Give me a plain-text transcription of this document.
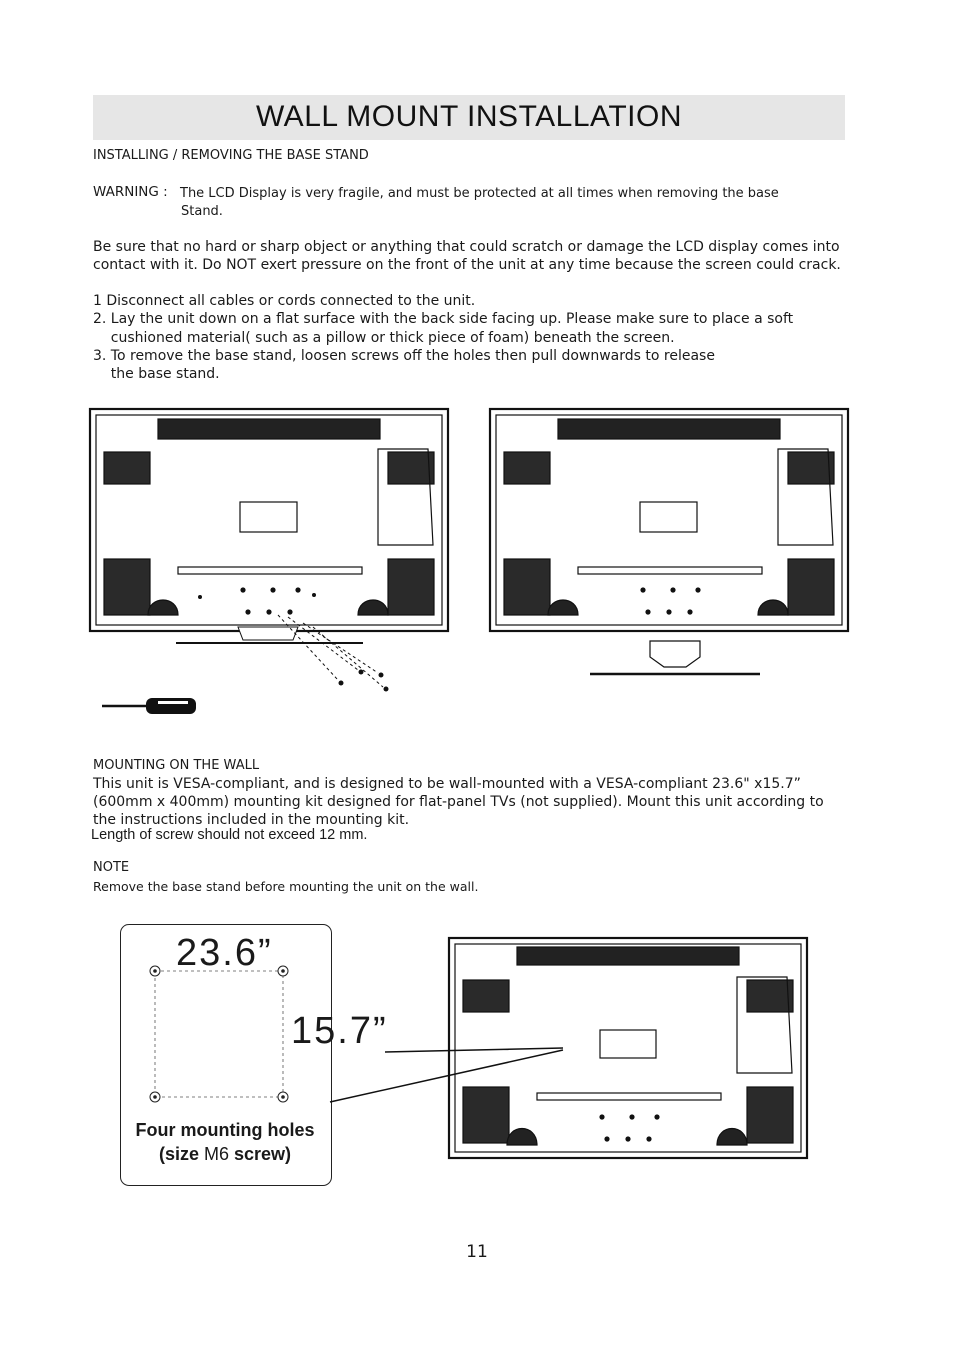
WALL MOUNT INSTALLATION
INSTALLING / REMOVING THE BASE STAND
WARNING : The LCD Display is very fragile, and must be protected at all times when removing the base
Stand.
Be sure that no hard or sharp object or anything that could scratch or damage the LCD display comes into
contact with it. Do NOT exert pressure on the front of the unit at any time because the screen could crack.
1 Disconnect all cables or cords connected to the unit.
2. Lay the unit down on a flat surface with the back side facing up. Please make sure to place a soft
cushioned material( such as a pillow or thick piece of foam) beneath the screen.
3. To remove the base stand, loosen screws off the holes then pull downwards to release
the base stand.
MOUNTING ON THE WALL
This unit is VESA-compliant, and is designed to be wall-mounted with a VESA-compliant 23.6" x15.7”
(600mm x 400mm) mounting kit designed for flat-panel TVs (not supplied). Mount this unit according to
the instructions included in the mounting kit.
Length of screw should not exceed 12 mm.
NOTE
Remove the base stand before mounting the unit on the wall.
23.6”
Four mounting holes
(size M6 screw)
15.7”
11
